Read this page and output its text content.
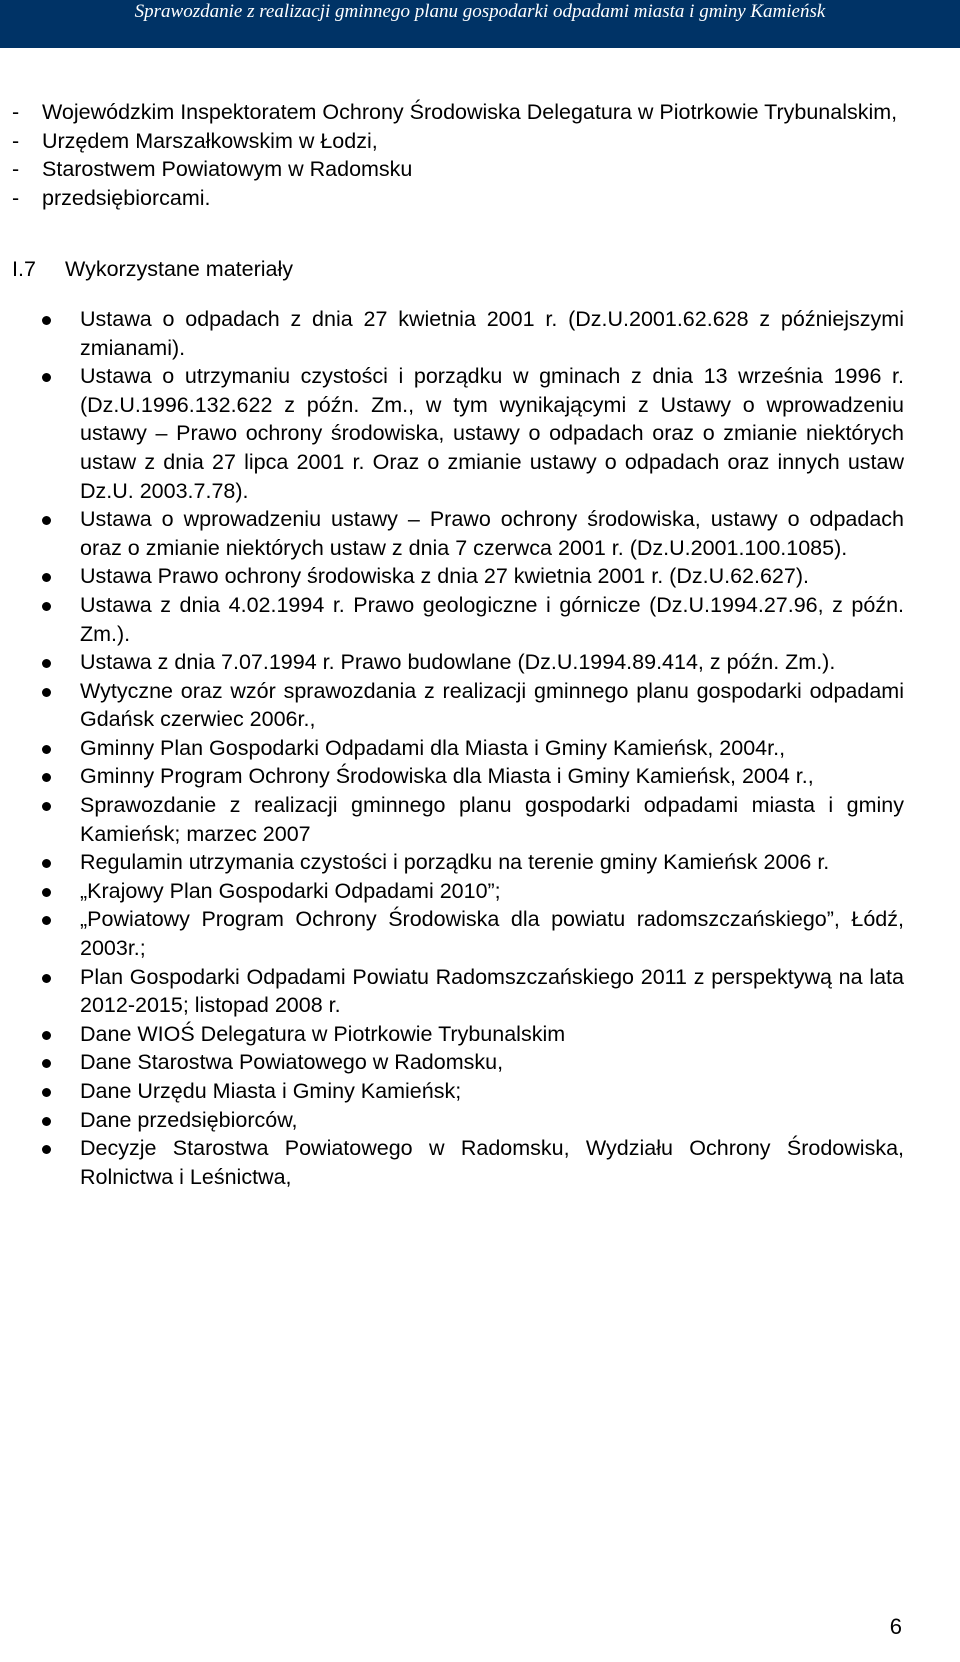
Sprawozdanie z realizacji gminnego planu gospodarki odpadami miasta i gminy Kamieńsk
- Wojewódzkim Inspektoratem Ochrony Środowiska Delegatura w Piotrkowie Trybunalskim,
- Urzędem Marszałkowskim w Łodzi,
- Starostwem Powiatowym w Radomsku
- przedsiębiorcami.
I.7	Wykorzystane materiały
Ustawa o odpadach z dnia 27 kwietnia 2001 r. (Dz.U.2001.62.628 z późniejszymi zmianami).
Ustawa o utrzymaniu czystości i porządku w gminach z dnia 13 września 1996 r. (Dz.U.1996.132.622 z późn. Zm., w tym wynikającymi z Ustawy o wprowadzeniu ustawy – Prawo ochrony środowiska, ustawy o odpadach oraz o zmianie niektórych ustaw z dnia 27 lipca 2001 r. Oraz o zmianie ustawy o odpadach oraz innych ustaw Dz.U. 2003.7.78).
Ustawa o wprowadzeniu ustawy – Prawo ochrony środowiska, ustawy o odpadach oraz o zmianie niektórych ustaw z dnia 7 czerwca 2001 r. (Dz.U.2001.100.1085).
Ustawa Prawo ochrony środowiska z dnia 27 kwietnia 2001 r. (Dz.U.62.627).
Ustawa z dnia 4.02.1994 r. Prawo geologiczne i górnicze (Dz.U.1994.27.96, z późn. Zm.).
Ustawa z dnia 7.07.1994 r. Prawo budowlane (Dz.U.1994.89.414, z późn. Zm.).
Wytyczne oraz wzór sprawozdania z realizacji gminnego planu gospodarki odpadami Gdańsk czerwiec 2006r.,
Gminny Plan Gospodarki Odpadami dla Miasta i Gminy Kamieńsk, 2004r.,
Gminny Program Ochrony Środowiska dla Miasta i Gminy Kamieńsk, 2004 r.,
Sprawozdanie z realizacji gminnego planu gospodarki odpadami miasta i gminy Kamieńsk; marzec 2007
Regulamin utrzymania czystości i porządku na terenie gminy Kamieńsk 2006 r.
„Krajowy Plan Gospodarki Odpadami 2010”;
„Powiatowy Program Ochrony Środowiska dla powiatu radomszczańskiego”, Łódź, 2003r.;
Plan Gospodarki Odpadami Powiatu Radomszczańskiego 2011 z perspektywą na lata 2012-2015; listopad 2008 r.
Dane WIOŚ Delegatura w Piotrkowie Trybunalskim
Dane Starostwa Powiatowego w Radomsku,
Dane Urzędu Miasta i Gminy Kamieńsk;
Dane przedsiębiorców,
Decyzje Starostwa Powiatowego w Radomsku, Wydziału Ochrony Środowiska, Rolnictwa i Leśnictwa,
6
